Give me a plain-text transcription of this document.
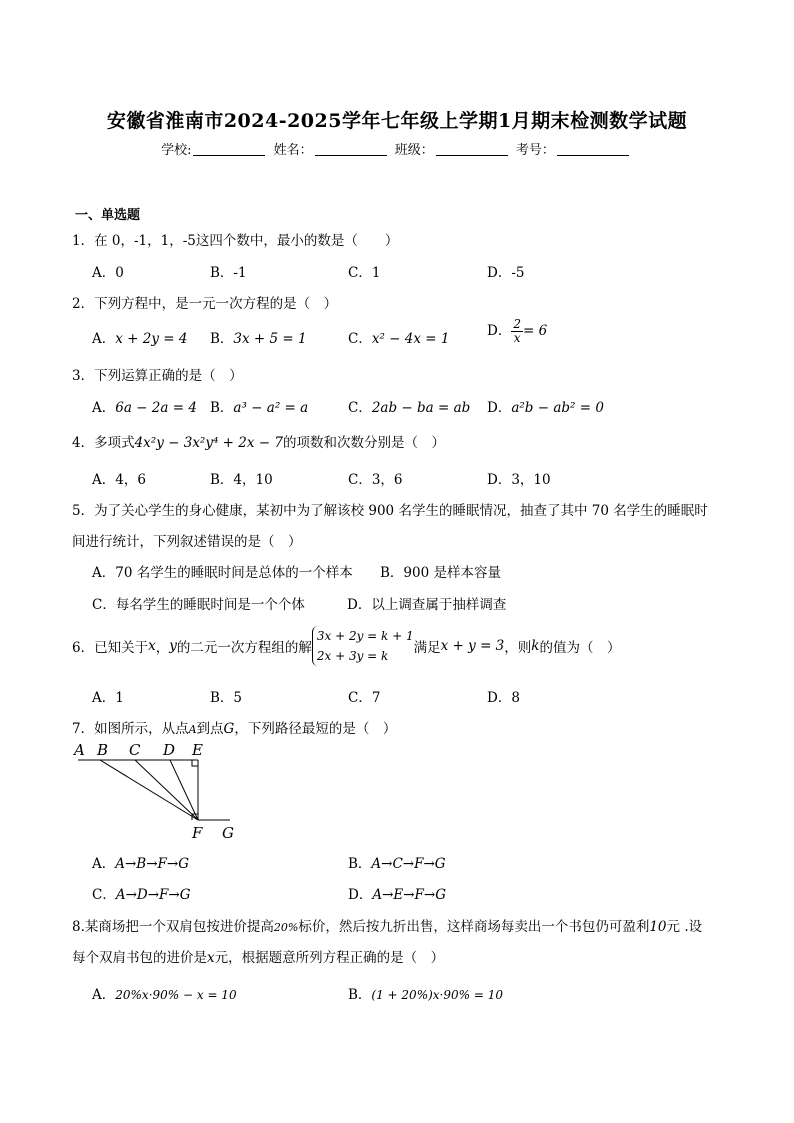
安徽省淮南市2024-2025学年七年级上学期1月期末检测数学试题
学校:	姓名：	班级：	考号：
一、单选题
1．在 0，-1，1，-5这四个数中，最小的数是（　　）
A．0	B．-1	C．1	D．-5
2．下列方程中，是一元一次方程的是（　）
A．x + 2y = 4 B．3x + 5 = 1	C．x² − 4x = 1	D． $\frac{2}{x} = 6$
3．下列运算正确的是（　）
A．6a − 2a = 4 B．a³ − a² = a	C．2ab − ba = ab D．a²b − ab² = 0
4．多项式4x²y − 3x²y⁴ + 2x − 7的项数和次数分别是（　）
A．4，6	B．4，10	C．3，6	D．3，10
5．为了关心学生的身心健康，某初中为了解该校 900 名学生的睡眠情况，抽查了其中 70 名学生的睡眠时
间进行统计，下列叙述错误的是（　）
A．70 名学生的睡眠时间是总体的一个样本 B．900 是样本容量
C．每名学生的睡眠时间是一个个体	D．以上调查属于抽样调查
6．已知关于 x ， y 的二元一次方程组的解
3x + 2y = k + 1
2x + 3y = k	满足 x + y = 3 ，则 k 的值为（　）
A．1	B．5	C．7	D．8
7．如图所示，从点A到点G，下列路径最短的是（　）
A B C D E
F G
A．A→B→F→G	B．A→C→F→G
C．A→D→F→G	D．A→E→F→G
8.某商场把一个双肩包按进价提高20%标价，然后按九折出售，这样商场每卖出一个书包仍可盈利10元 .设
每个双肩书包的进价是x元，根据题意所列方程正确的是（　）
A．20%x·90% − x = 10	B．(1 + 20%)x·90% = 10
